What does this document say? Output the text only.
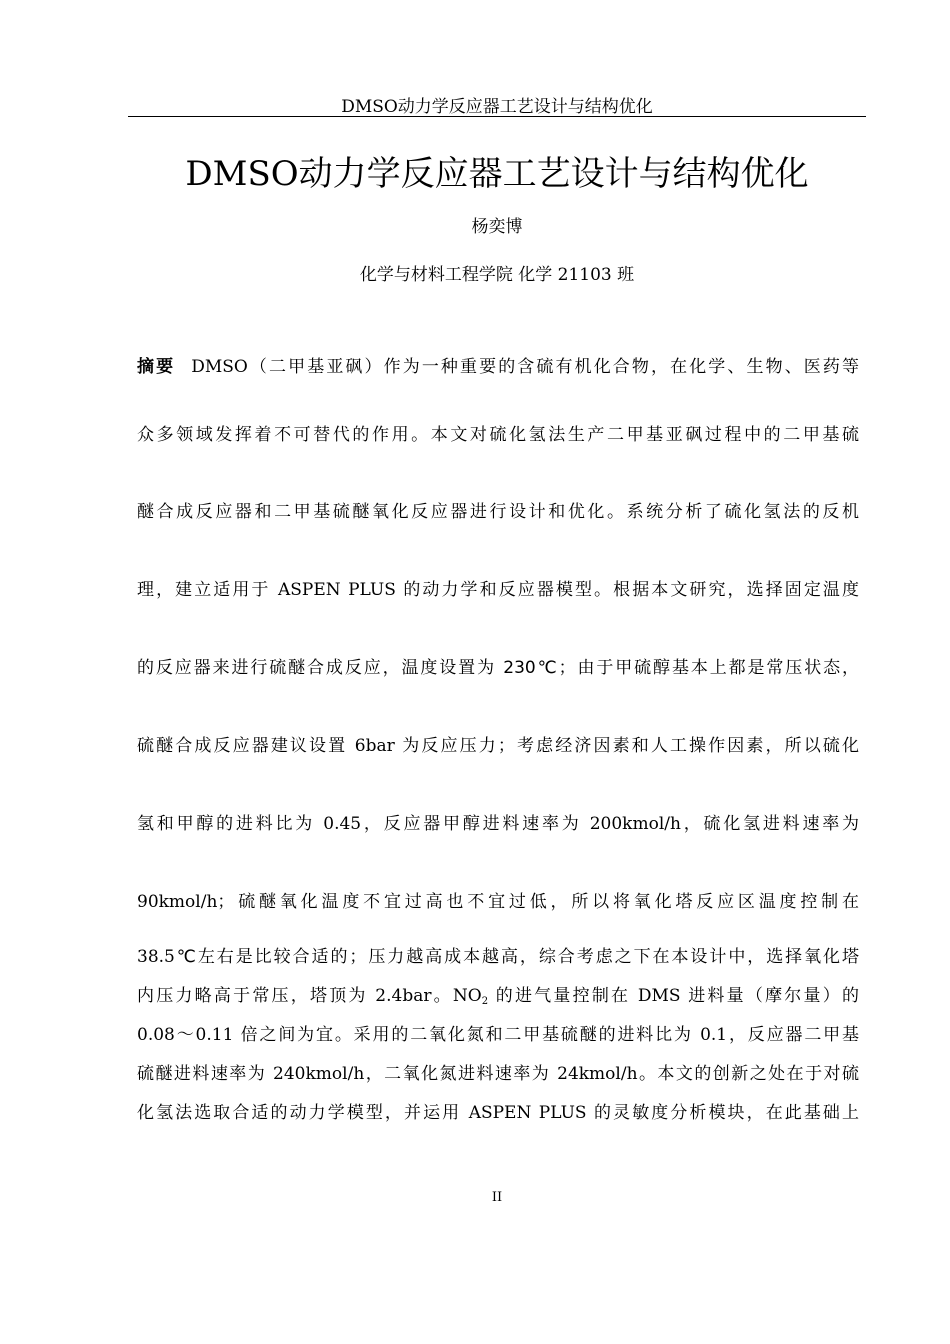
DMSO动力学反应器工艺设计与结构优化
DMSO动力学反应器工艺设计与结构优化
杨奕博
化学与材料工程学院 化学 21103 班
摘要 DMSO（二甲基亚砜）作为一种重要的含硫有机化合物，在化学、生物、医药等
众多领域发挥着不可替代的作用。本文对硫化氢法生产二甲基亚砜过程中的二甲基硫
醚合成反应器和二甲基硫醚氧化反应器进行设计和优化。系统分析了硫化氢法的反机
理，建立适用于 ASPEN PLUS 的动力学和反应器模型。根据本文研究，选择固定温度
的反应器来进行硫醚合成反应，温度设置为 230℃；由于甲硫醇基本上都是常压状态，
硫醚合成反应器建议设置 6bar 为反应压力；考虑经济因素和人工操作因素，所以硫化
氢和甲醇的进料比为 0.45，反应器甲醇进料速率为 200kmol/h，硫化氢进料速率为
90kmol/h；硫醚氧化温度不宜过高也不宜过低，所以将氧化塔反应区温度控制在
38.5℃左右是比较合适的；压力越高成本越高，综合考虑之下在本设计中，选择氧化塔
内压力略高于常压，塔顶为 2.4bar。$NO_2$ 的进气量控制在 DMS 进料量（摩尔量）的
0.08～0.11 倍之间为宜。采用的二氧化氮和二甲基硫醚的进料比为 0.1，反应器二甲基
硫醚进料速率为 240kmol/h，二氧化氮进料速率为 24kmol/h。本文的创新之处在于对硫
化氢法选取合适的动力学模型，并运用 ASPEN PLUS 的灵敏度分析模块，在此基础上
II
